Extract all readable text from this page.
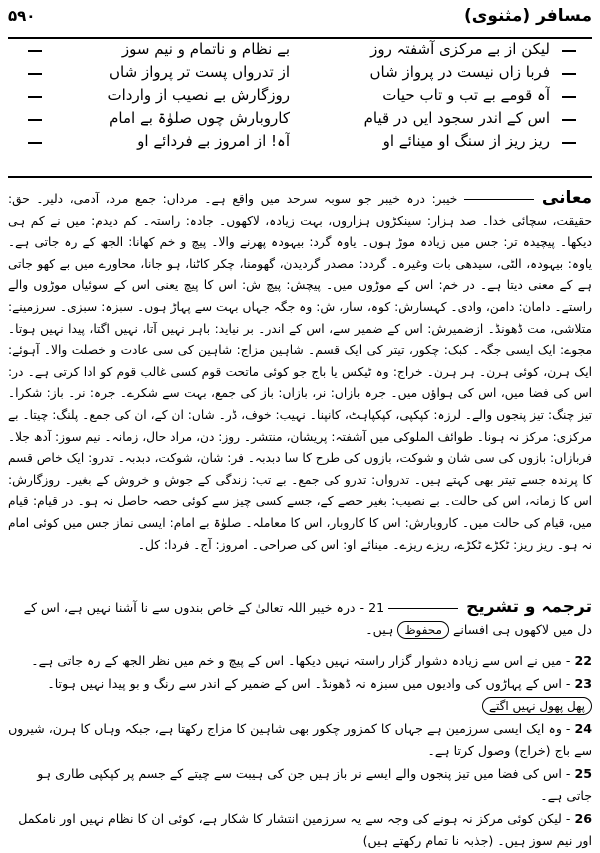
مسافر (مثنوی)
۵۹۰
لیکن از بے مرکزی آشفتہ روز
بے نظام و ناتمام و نیم سوز
فربا زاں نیست در پرواز شاں
از تدرواں پست تر پرواز شاں
آہ قومے بے تب و تاب حیات
روزگارش بے نصیب از واردات
اس کے اندر سجود ایں در قیام
کاروبارش چوں صلوٰۃ بے امام
ریز ریز از سنگ او مینائے او
آہ! از امروز بے فردائے او
معانی خیبر: درہ خیبر جو سوبہ سرحد میں واقع ہے۔ مرداں: جمع مرد، آدمی، دلیر۔ حق: حقیقت، سچائی خدا۔ صد ہزار: سینکڑوں ہزاروں، بہت زیادہ، لاکھوں۔ جادہ: راستہ۔ کم دیدم: میں نے کم ہی دیکھا۔ پیچیدہ تر: جس میں زیادہ موڑ ہوں۔ یاوہ گرد: بیہودہ پھرنے والا۔ پیچ و خم کھانا: الجھ کے رہ جاتی ہے۔ یاوہ: بیہودہ، الٹی، سیدھی بات وغیرہ۔ گردد: مصدر گردیدن، گھومنا، چکر کاٹنا، ہو جانا، محاورے میں بے کھو جاتی ہے کے معنی دیتا ہے۔ در خم: اس کے موڑوں میں۔ پیچش: پیچ ش: اس کا پیچ یعنی اس کے سوئیاں موڑوں والے راستے۔ دامان: دامن، وادی۔ کہسارش: کوہ، سار، ش: وہ جگہ جہاں بہت سے پہاڑ ہوں۔ سبزہ: سبزی۔ سرزمینے: متلاشی، مت ڈھونڈ۔ ازضمیرش: اس کے ضمیر سے، اس کے اندر۔ بر نیاید: باہر نہیں آتا، نہیں اگتا، پیدا نہیں ہوتا۔ مجوے: ایک ایسی جگہ۔ کبک: چکور، تیتر کی ایک قسم۔ شاہین مزاج: شاہین کی سی عادت و خصلت والا۔ آہوئے: ایک ہرن، کوئی ہرن۔ ہر ہرن۔ خراج: وہ ٹیکس یا باج جو کوئی ماتحت قوم کسی غالب قوم کو ادا کرتی ہے۔ در: اس کی فضا میں، اس کی ہواؤں میں۔ جرہ بازاں: نر، بازاں: باز کی جمع، بہت سے شکرے۔ جرہ: نر۔ باز: شکرا۔ تیز چنگ: تیز پنجوں والے۔ لرزہ: کپکپی، کپکپاہٹ، کانپنا۔ نہیب: خوف، ڈر۔ شاں: ان کے، ان کی جمع۔ پلنگ: چیتا۔ بے مرکزی: مرکز نہ ہونا۔ طوائف الملوکی میں آشفتہ: پریشان، منتشر۔ روز: دن، مراد حال، زمانہ۔ نیم سوز: آدھ جلا۔ فربازاں: بازوں کی سی شان و شوکت، بازوں کی طرح کا سا دبدبہ۔ فر: شان، شوکت، دبدبہ۔ تدرو: ایک خاص قسم کا پرندہ جسے تیتر بھی کہتے ہیں۔ تدرواں: تدرو کی جمع۔ بے تب: زندگی کے جوش و خروش کے بغیر۔ روزگارش: اس کا زمانہ، اس کی حالت۔ بے نصیب: بغیر حصے کے، جسے کسی چیز سے کوئی حصہ حاصل نہ ہو۔ در قیام: قیام میں، قیام کی حالت میں۔ کاروبارش: اس کا کاروبار، اس کا معاملہ۔ صلوٰۃ بے امام: ایسی نماز جس میں کوئی امام نہ ہو۔ ریز ریز: ٹکڑے ٹکڑے، ریزے ریزے۔ مینائے او: اس کی صراحی۔ امروز: آج۔ فردا: کل۔
ترجمہ و تشریح 21 - درہ خیبر اللہ تعالیٰ کے خاص بندوں سے نا آشنا نہیں ہے، اس کے دل میں لاکھوں ہی افسانے محفوظ ہیں۔

22 - میں نے اس سے زیادہ دشوار گزار راستہ نہیں دیکھا۔ اس کے پیچ و خم میں نظر الجھ کے رہ جاتی ہے۔

23 - اس کے پہاڑوں کی وادیوں میں سبزہ نہ ڈھونڈ۔ اس کے ضمیر کے اندر سے رنگ و بو پیدا نہیں ہوتا۔ پھل پھول نہیں اگتے

24 - وہ ایک ایسی سرزمین ہے جہاں کا کمزور چکور بھی شاہین کا مزاج رکھتا ہے، جبکہ وہاں کا ہرن، شیروں سے باج (خراج) وصول کرتا ہے۔

25 - اس کی فضا میں تیز پنجوں والے ایسے نر باز ہیں جن کی ہیبت سے چیتے کے جسم پر کپکپی طاری ہو جاتی ہے۔

26 - لیکن کوئی مرکز نہ ہونے کی وجہ سے یہ سرزمین انتشار کا شکار ہے، کوئی ان کا نظام نہیں اور نامکمل اور نیم سوز ہیں۔ (جذبہ نا تمام رکھتے ہیں)
